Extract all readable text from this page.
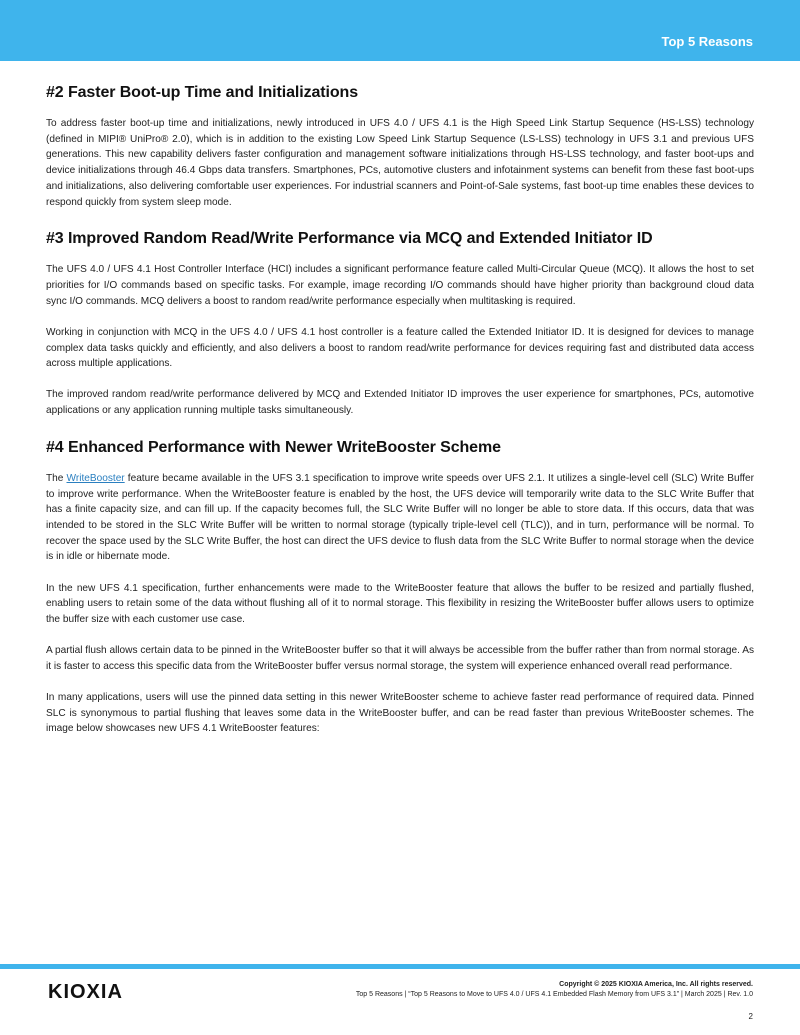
Top 5 Reasons
#2 Faster Boot-up Time and Initializations

To address faster boot-up time and initializations, newly introduced in UFS 4.0 / UFS 4.1 is the High Speed Link Startup Sequence (HS-LSS) technology (defined in MIPI® UniPro® 2.0), which is in addition to the existing Low Speed Link Startup Sequence (LS-LSS) technology in UFS 3.1 and previous UFS generations. This new capability delivers faster configuration and management software initializations through HS-LSS technology, and faster boot-ups and device initializations through 46.4 Gbps data transfers. Smartphones, PCs, automotive clusters and infotainment systems can benefit from these fast boot-ups and initializations, also delivering comfortable user experiences. For industrial scanners and Point-of-Sale systems, fast boot-up time enables these devices to respond quickly from system sleep mode.

#3 Improved Random Read/Write Performance via MCQ and Extended Initiator ID

The UFS 4.0 / UFS 4.1 Host Controller Interface (HCI) includes a significant performance feature called Multi-Circular Queue (MCQ). It allows the host to set priorities for I/O commands based on specific tasks. For example, image recording I/O commands should have higher priority than background cloud data sync I/O commands. MCQ delivers a boost to random read/write performance especially when multitasking is required.

Working in conjunction with MCQ in the UFS 4.0 / UFS 4.1 host controller is a feature called the Extended Initiator ID. It is designed for devices to manage complex data tasks quickly and efficiently, and also delivers a boost to random read/write performance for devices requiring fast and distributed data access across multiple applications.

The improved random read/write performance delivered by MCQ and Extended Initiator ID improves the user experience for smartphones, PCs, automotive applications or any application running multiple tasks simultaneously.

#4 Enhanced Performance with Newer WriteBooster Scheme

The WriteBooster feature became available in the UFS 3.1 specification to improve write speeds over UFS 2.1. It utilizes a single-level cell (SLC) Write Buffer to improve write performance. When the WriteBooster feature is enabled by the host, the UFS device will temporarily write data to the SLC Write Buffer that has a finite capacity size, and can fill up. If the capacity becomes full, the SLC Write Buffer will no longer be able to store data. If this occurs, data that was intended to be stored in the SLC Write Buffer will be written to normal storage (typically triple-level cell (TLC)), and in turn, performance will be normal. To recover the space used by the SLC Write Buffer, the host can direct the UFS device to flush data from the SLC Write Buffer to normal storage when the device is in idle or hibernate mode.

In the new UFS 4.1 specification, further enhancements were made to the WriteBooster feature that allows the buffer to be resized and partially flushed, enabling users to retain some of the data without flushing all of it to normal storage. This flexibility in resizing the WriteBooster buffer allows users to optimize the buffer size with each customer use case.

A partial flush allows certain data to be pinned in the WriteBooster buffer so that it will always be accessible from the buffer rather than from normal storage. As it is faster to access this specific data from the WriteBooster buffer versus normal storage, the system will experience enhanced overall read performance.

In many applications, users will use the pinned data setting in this newer WriteBooster scheme to achieve faster read performance of required data. Pinned SLC is synonymous to partial flushing that leaves some data in the WriteBooster buffer, and can be read faster than previous WriteBooster schemes. The image below showcases new UFS 4.1 WriteBooster features:

KIOXIA	Copyright © 2025 KIOXIA America, Inc. All rights reserved.
Top 5 Reasons | “Top 5 Reasons to Move to UFS 4.0 / UFS 4.1 Embedded Flash Memory from UFS 3.1” | March 2025 | Rev. 1.0
2
